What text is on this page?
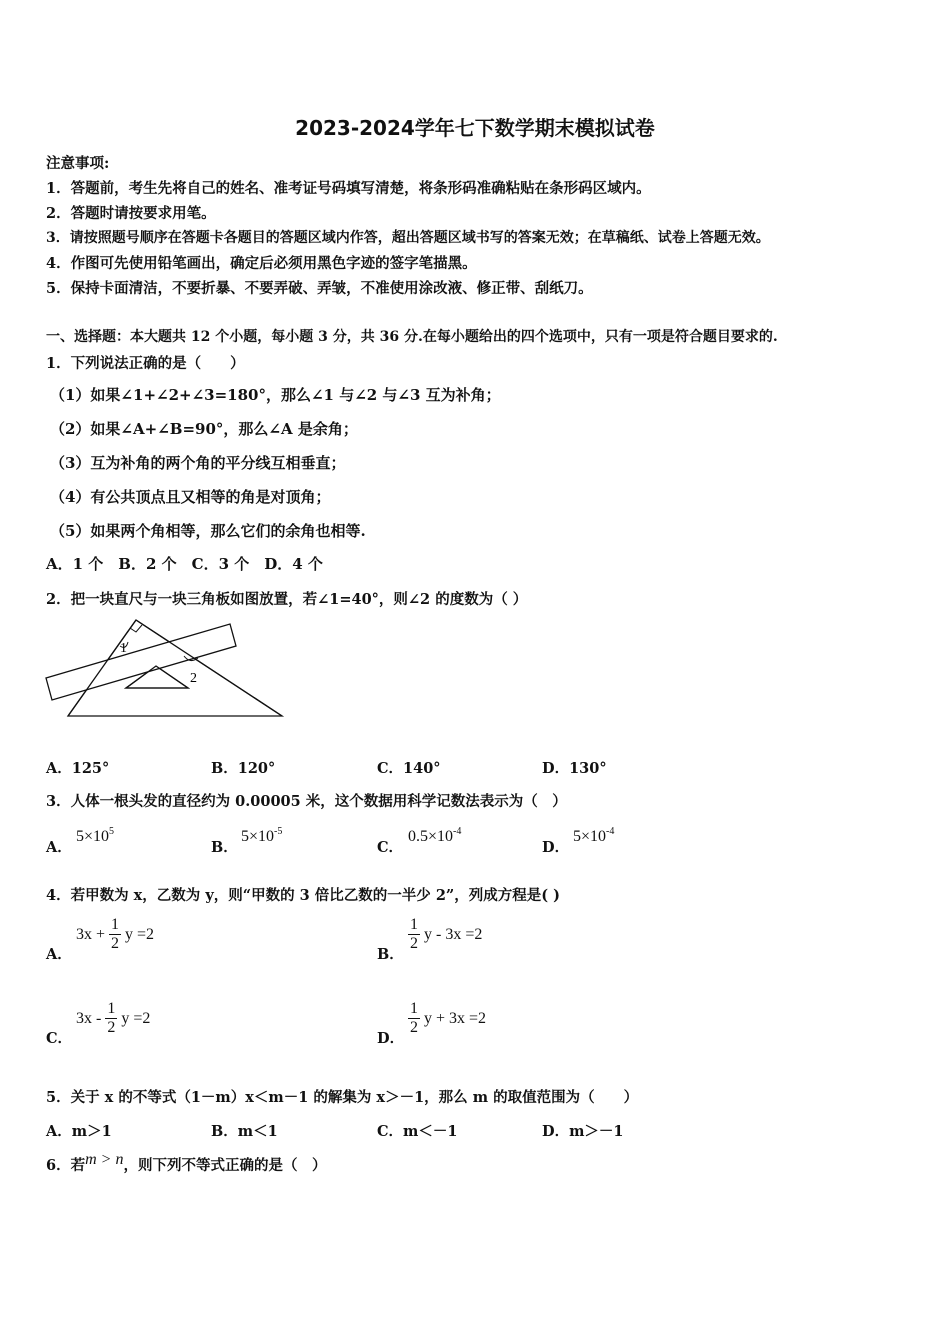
2023-2024学年七下数学期末模拟试卷
注意事项:
1．答题前，考生先将自己的姓名、准考证号码填写清楚，将条形码准确粘贴在条形码区域内。
2．答题时请按要求用笔。
3．请按照题号顺序在答题卡各题目的答题区域内作答，超出答题区域书写的答案无效；在草稿纸、试卷上答题无效。
4．作图可先使用铅笔画出，确定后必须用黑色字迹的签字笔描黑。
5．保持卡面清洁，不要折暴、不要弄破、弄皱，不准使用涂改液、修正带、刮纸刀。
一、选择题：本大题共 12 个小题，每小题 3 分，共 36 分.在每小题给出的四个选项中，只有一项是符合题目要求的.
1．下列说法正确的是（　　）
（1）如果∠1+∠2+∠3=180°，那么∠1 与∠2 与∠3 互为补角；
（2）如果∠A+∠B=90°，那么∠A 是余角；
（3）互为补角的两个角的平分线互相垂直；
（4）有公共顶点且又相等的角是对顶角；
（5）如果两个角相等，那么它们的余角也相等.
A．1 个　B．2 个　C．3 个　D．4 个
2．把一块直尺与一块三角板如图放置，若∠1=40°，则∠2 的度数为（ ）
1
2
A．125°	B．120°	C．140°	D．130°
3．人体一根头发的直径约为 0.00005 米，这个数据用科学记数法表示为（　）
A．
$5\times 10^5$
B．
$5\times 10^{-5}$
C．
$0.5\times 10^{-4}$
D．
$5\times 10^{-4}$
4．若甲数为 x，乙数为 y，则“甲数的 3 倍比乙数的一半少 2”，列成方程是( )
A．
$3x + \frac{1}{2}$ y =2
B．
$\frac{1}{2}$ y - 3x =2
C．
$3x - \frac{1}{2}$ y =2
D．
$\frac{1}{2}$ y + 3x =2
5．关于 x 的不等式（1－m）x＜m－1 的解集为 x＞－1，那么 m 的取值范围为（　　）
A．m＞1	B．m＜1	C．m＜－1	D．m＞－1
6．若m > n，则下列不等式正确的是（　）
